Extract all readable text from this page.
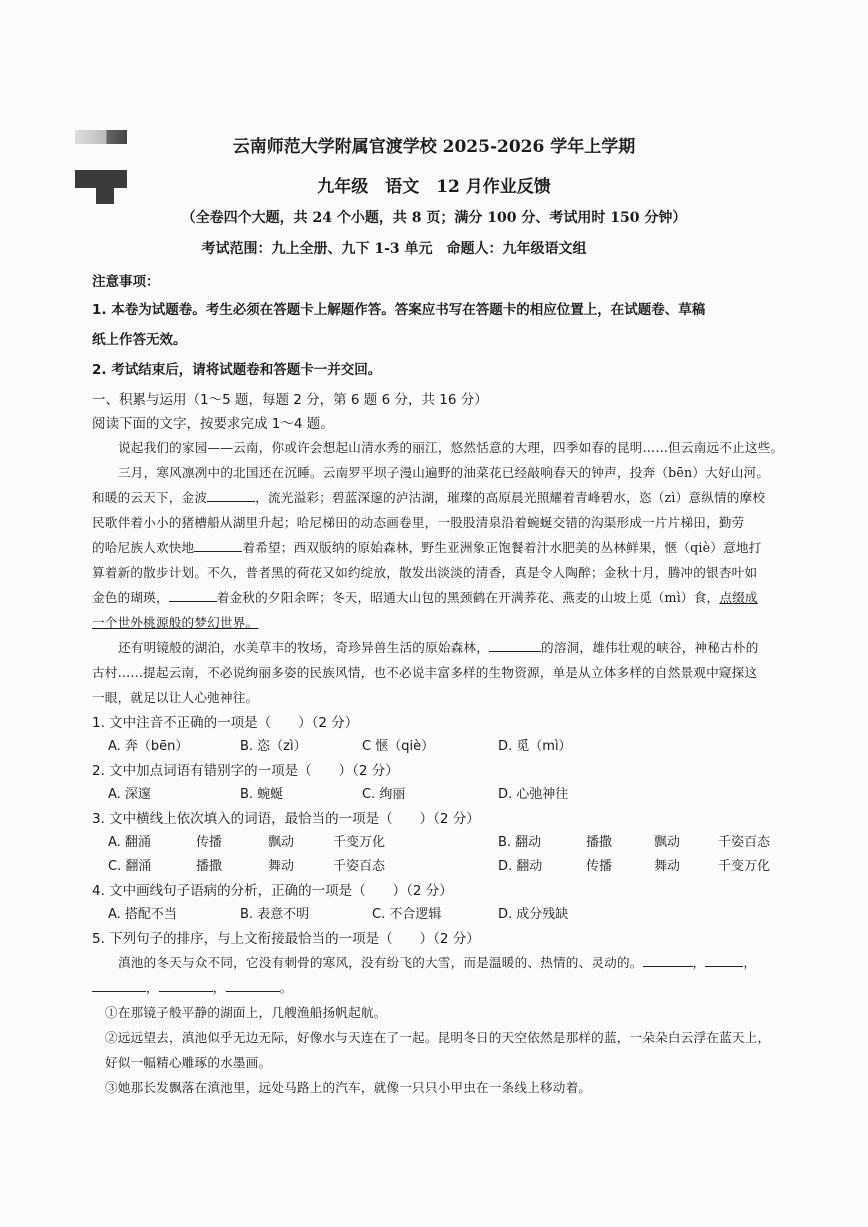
云南师范大学附属官渡学校 2025-2026 学年上学期
九年级　语文　12 月作业反馈
（全卷四个大题，共 24 个小题，共 8 页；满分 100 分、考试用时 150 分钟）
考试范围：九上全册、九下 1-3 单元　命题人：九年级语文组
注意事项：
1. 本卷为试题卷。考生必须在答题卡上解题作答。答案应书写在答题卡的相应位置上，在试题卷、草稿
纸上作答无效。
2. 考试结束后，请将试题卷和答题卡一并交回。
一、积累与运用（1～5 题，每题 2 分，第 6 题 6 分，共 16 分）
阅读下面的文字，按要求完成 1～4 题。
说起我们的家园——云南，你或许会想起山清水秀的丽江，悠然恬意的大理，四季如春的昆明……但云南远不止这些。
三月，寒风凛冽中的北国还在沉睡。云南罗平坝子漫山遍野的油菜花已经敲响春天的钟声，投奔（bēn）大好山河。
和暖的云天下，金波	，流光溢彩；碧蓝深邃的泸沽湖，璀璨的高原晨光照耀着青峰碧水，恣（zì）意纵情的摩校
民歌伴着小小的猪槽船从湖里升起；哈尼梯田的动态画卷里，一股股清泉沿着蜿蜒交错的沟渠形成一片片梯田，勤劳
的哈尼族人欢快地	着希望；西双版纳的原始森林，野生亚洲象正饱餐着汁水肥美的丛林鲜果，惬（qiè）意地打
算着新的散步计划。不久，普者黑的荷花又如约绽放，散发出淡淡的清香，真是令人陶醉；金秋十月，腾冲的银杏叶如
金色的瑚瑛，	着金秋的夕阳余晖；冬天，昭通大山包的黑颈鹤在开满荞花、燕麦的山坡上觅（mì）食，点缀成
一个世外桃源般的梦幻世界。
还有明镜般的湖泊，水美草丰的牧场，奇珍异兽生活的原始森林，	的溶洞，雄伟壮观的峡谷，神秘古朴的
古村……提起云南，不必说绚丽多姿的民族风情，也不必说丰富多样的生物资源，单是从立体多样的自然景观中窥探这
一眼，就足以让人心弛神往。
1. 文中注音不正确的一项是（　　）（2 分）
A. 奔（bēn）	B. 恣（zì）	C 惬（qiè）	D. 觅（mì）
2. 文中加点词语有错别字的一项是（　　）（2 分）
A. 深邃	B. 蜿蜒	C. 绚丽	D. 心弛神往
3. 文中横线上依次填入的词语，最恰当的一项是（　　）（2 分）
A. 翻涌	传播	飘动	千变万化	B. 翻动	播撒	飘动	千姿百态
C. 翻涌	播撒	舞动	千姿百态	D. 翻动	传播	舞动	千变万化
4. 文中画线句子语病的分析，正确的一项是（　　）（2 分）
A. 搭配不当	B. 表意不明	C. 不合逻辑	D. 成分残缺
5. 下列句子的排序，与上文衔接最恰当的一项是（　　）（2 分）
滇池的冬天与众不同，它没有刺骨的寒风，没有纷飞的大雪，而是温暖的、热情的、灵动的。	，	，
，	，	。
①在那镜子般平静的湖面上，几艘渔船扬帆起航。
②远远望去，滇池似乎无边无际，好像水与天连在了一起。昆明冬日的天空依然是那样的蓝，一朵朵白云浮在蓝天上，
好似一幅精心雕琢的水墨画。
③她那长发飘落在滇池里，远处马路上的汽车，就像一只只小甲虫在一条线上移动着。
